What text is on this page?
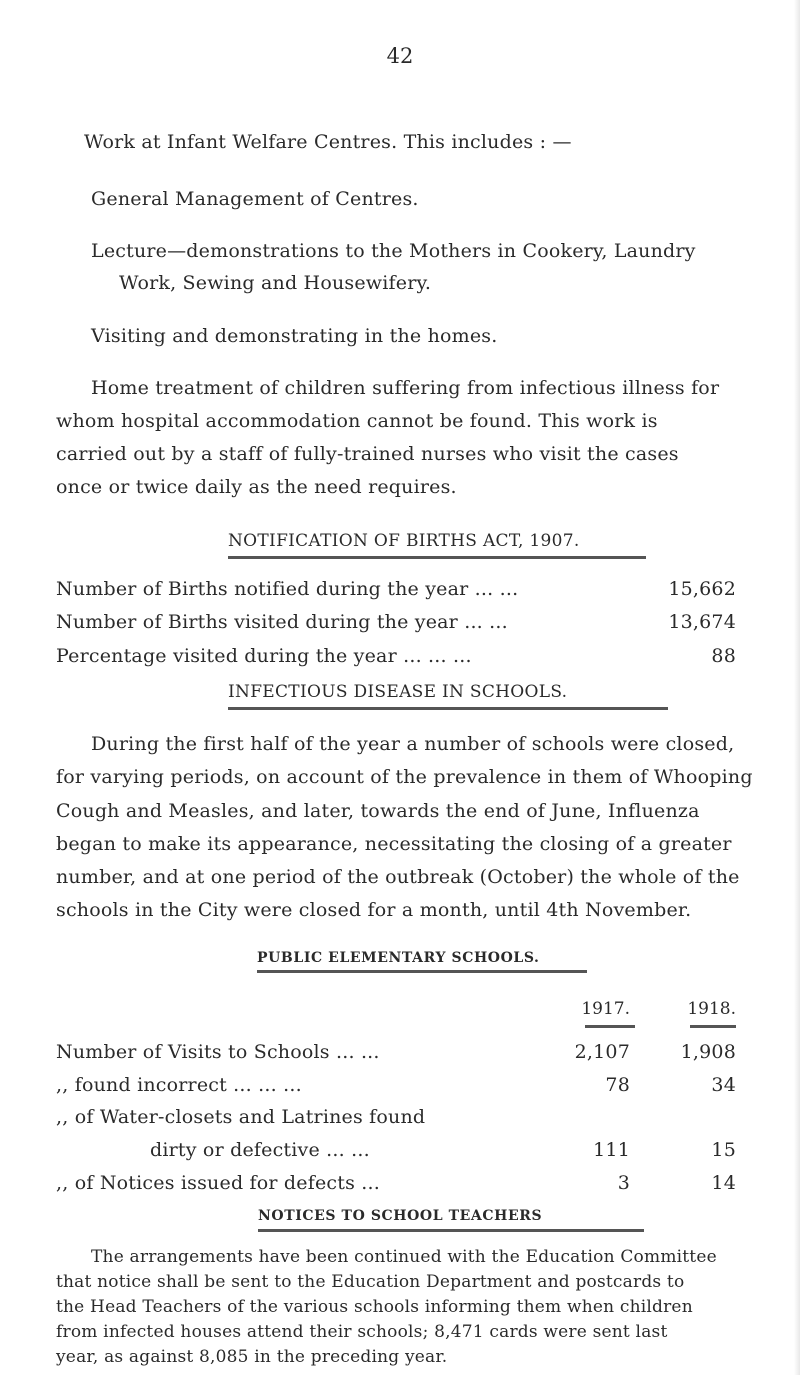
42
Work at Infant Welfare Centres. This includes : —
General Management of Centres.
Lecture—demonstrations to the Mothers in Cookery, Laundry
Work, Sewing and Housewifery.
Visiting and demonstrating in the homes.
Home treatment of children suffering from infectious illness for
whom hospital accommodation cannot be found. This work is
carried out by a staff of fully-trained nurses who visit the cases
once or twice daily as the need requires.
NOTIFICATION OF BIRTHS ACT, 1907.
Number of Births notified during the year ... ...	15,662
Number of Births visited during the year ... ...	13,674
Percentage visited during the year ... ... ...	88
INFECTIOUS DISEASE IN SCHOOLS.
During the first half of the year a number of schools were closed,
for varying periods, on account of the prevalence in them of Whooping
Cough and Measles, and later, towards the end of June, Influenza
began to make its appearance, necessitating the closing of a greater
number, and at one period of the outbreak (October) the whole of the
schools in the City were closed for a month, until 4th November.
PUBLIC ELEMENTARY SCHOOLS.
1917.	1918.
Number of Visits to Schools ... ...	2,107	1,908
,, found incorrect ... ... ...	78	34
,, of Water-closets and Latrines found
dirty or defective ... ...	111	15
,, of Notices issued for defects ...	3	14
NOTICES TO SCHOOL TEACHERS
The arrangements have been continued with the Education Committee
that notice shall be sent to the Education Department and postcards to
the Head Teachers of the various schools informing them when children
from infected houses attend their schools; 8,471 cards were sent last
year, as against 8,085 in the preceding year.
